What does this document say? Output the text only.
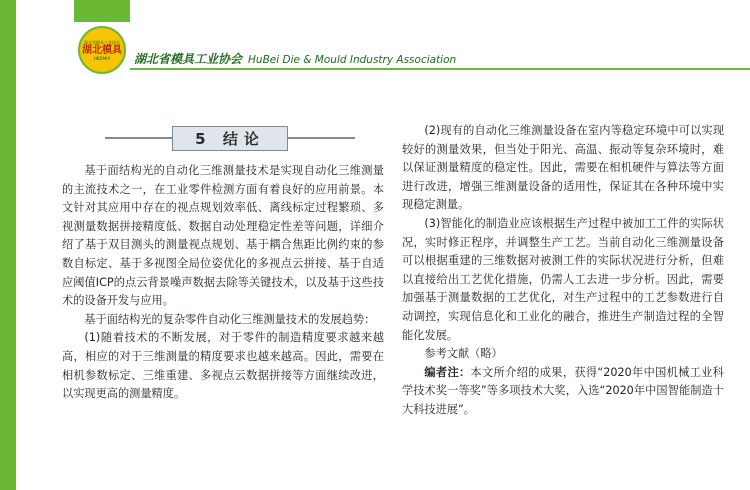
湖北省模具工业协会
湖北模具
HBDMIA 湖北省模具工业协会 HuBei Die & Mould Industry Association
5 结论

基于面结构光的自动化三维测量技术是实现自动化三维测量的主流技术之一，在工业零件检测方面有着良好的应用前景。本文针对其应用中存在的视点规划效率低、离线标定过程繁琐、多视测量数据拼接精度低、数据自动处理稳定性差等问题，详细介绍了基于双目测头的测量视点规划、基于耦合焦距比例约束的参数自标定、基于多视图全局位姿优化的多视点云拼接、基于自适应阈值ICP的点云背景噪声数据去除等关键技术，以及基于这些技术的设备开发与应用。

基于面结构光的复杂零件自动化三维测量技术的发展趋势：

(1)随着技术的不断发展，对于零件的制造精度要求越来越高，相应的对于三维测量的精度要求也越来越高。因此，需要在相机参数标定、三维重建、多视点云数据拼接等方面继续改进，以实现更高的测量精度。

(2)现有的自动化三维测量设备在室内等稳定环境中可以实现较好的测量效果，但当处于阳光、高温、振动等复杂环境时，难以保证测量精度的稳定性。因此，需要在相机硬件与算法等方面进行改进，增强三维测量设备的适用性，保证其在各种环境中实现稳定测量。

(3)智能化的制造业应该根据生产过程中被加工工件的实际状况，实时修正程序，并调整生产工艺。当前自动化三维测量设备可以根据重建的三维数据对被测工件的实际状况进行分析，但难以直接给出工艺优化措施，仍需人工去进一步分析。因此，需要加强基于测量数据的工艺优化，对生产过程中的工艺参数进行自动调控，实现信息化和工业化的融合，推进生产制造过程的全智能化发展。

参考文献（略）

编者注：本文所介绍的成果，获得“2020年中国机械工业科学技术奖一等奖”等多项技术大奖，入选“2020年中国智能制造十大科技进展”。
